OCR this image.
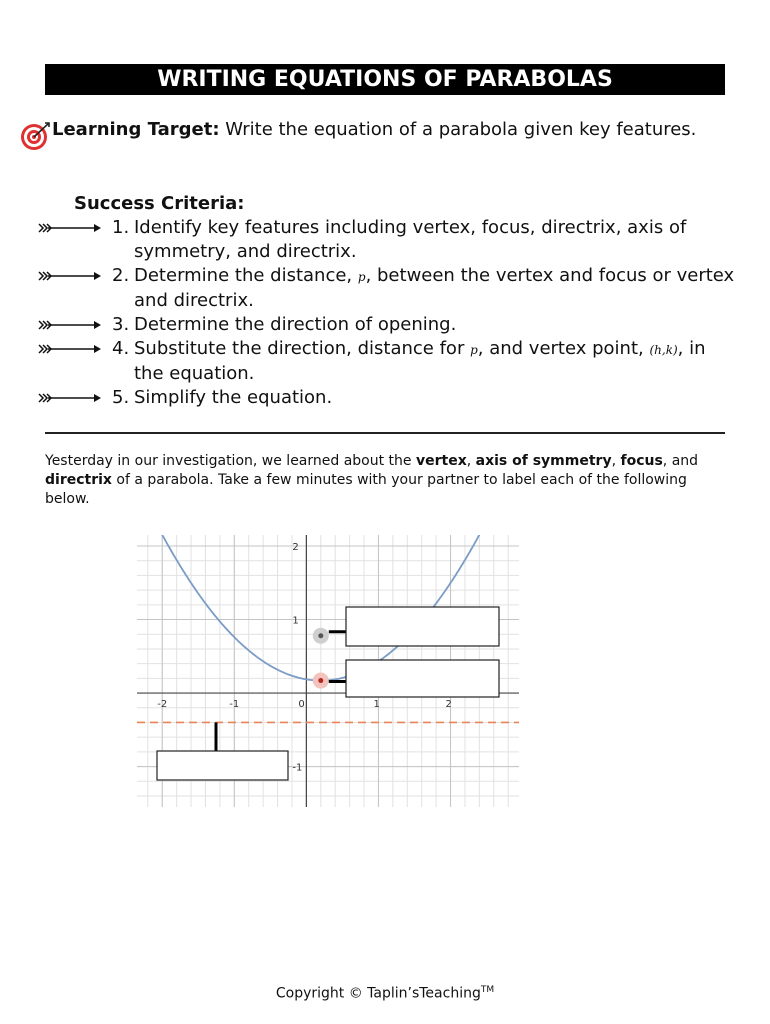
WRITING EQUATIONS OF PARABOLAS
Learning Target: Write the equation of a parabola given key features.
Success Criteria:
1. Identify key features including vertex, focus, directrix, axis of symmetry, and directrix.
2. Determine the distance, p, between the vertex and focus or vertex and directrix.
3. Determine the direction of opening.
4. Substitute the direction, distance for p, and vertex point, (h,k), in the equation.
5. Simplify the equation.
Yesterday in our investigation, we learned about the vertex, axis of symmetry, focus, and directrix of a parabola. Take a few minutes with your partner to label each of the following below.
-2	-1	0	1	2
2
1
-1
Copyright © Taplin’sTeaching™
